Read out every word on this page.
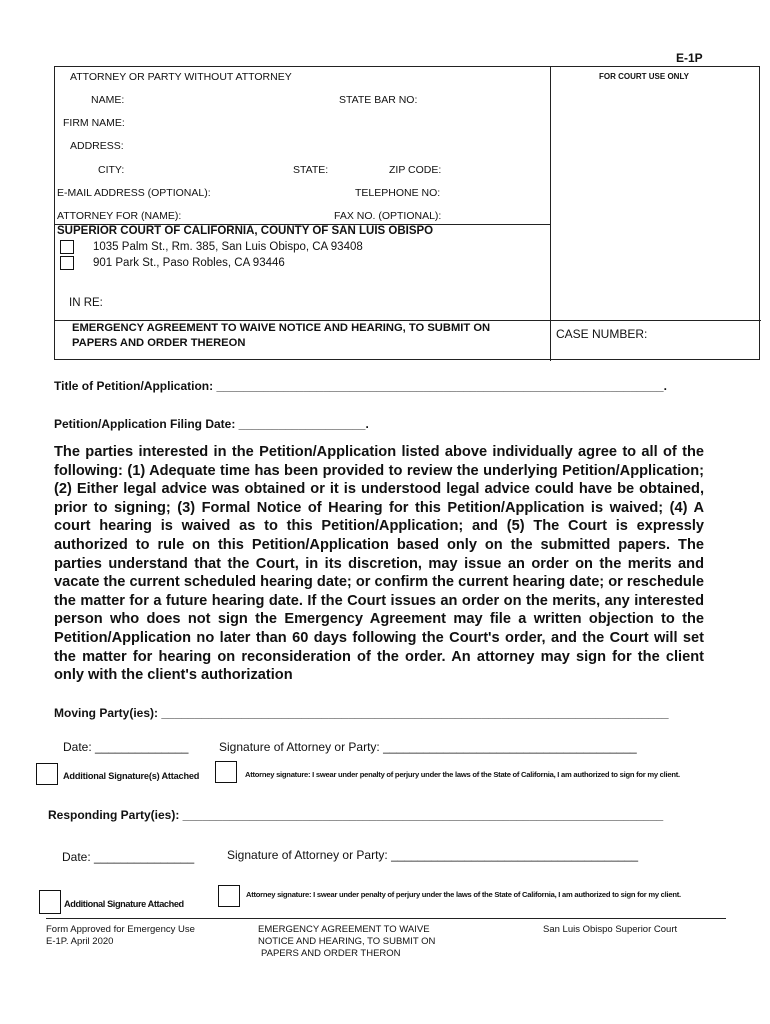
E-1P
ATTORNEY OR PARTY WITHOUT ATTORNEY	FOR COURT USE ONLY
NAME:	STATE BAR NO:
FIRM NAME:
ADDRESS:
CITY:	STATE:	ZIP CODE:
E-MAIL ADDRESS (OPTIONAL):	TELEPHONE NO:
ATTORNEY FOR (NAME):	FAX NO. (OPTIONAL):
SUPERIOR COURT OF CALIFORNIA, COUNTY OF SAN LUIS OBISPO
1035 Palm St., Rm. 385, San Luis Obispo, CA 93408
901 Park St., Paso Robles, CA 93446
IN RE:
EMERGENCY AGREEMENT TO WAIVE NOTICE AND HEARING, TO SUBMIT ON
PAPERS AND ORDER THEREON
CASE NUMBER:
Title of Petition/Application: ___________________________________________________________________.
Petition/Application Filing Date: ___________________.
The parties interested in the Petition/Application listed above individually agree to all of the following: (1) Adequate time has been provided to review the underlying Petition/Application; (2) Either legal advice was obtained or it is understood legal advice could have be obtained, prior to signing; (3) Formal Notice of Hearing for this Petition/Application is waived; (4) A court hearing is waived as to this Petition/Application; and (5) The Court is expressly authorized to rule on this Petition/Application based only on the submitted papers. The parties understand that the Court, in its discretion, may issue an order on the merits and vacate the current scheduled hearing date; or confirm the current hearing date; or reschedule the matter for a future hearing date. If the Court issues an order on the merits, any interested person who does not sign the Emergency Agreement may file a written objection to the Petition/Application no later than 60 days following the Court's order, and the Court will set the matter for hearing on reconsideration of the order. An attorney may sign for the client only with the client's authorization
Moving Party(ies): ____________________________________________________________________________
Date: ______________	Signature of Attorney or Party: ______________________________________
Additional Signature(s) Attached	Attorney signature: I swear under penalty of perjury under the laws of the State of California, I am authorized to sign for my client.
Responding Party(ies): ________________________________________________________________________
Date: _______________	Signature of Attorney or Party: _____________________________________
Additional Signature Attached
Attorney signature: I swear under penalty of perjury under the laws of the State of California, I am authorized to sign for my client.
Form Approved for Emergency Use
E-1P. April 2020
EMERGENCY AGREEMENT TO WAIVE
NOTICE AND HEARING, TO SUBMIT ON
PAPERS AND ORDER THERON
San Luis Obispo Superior Court
